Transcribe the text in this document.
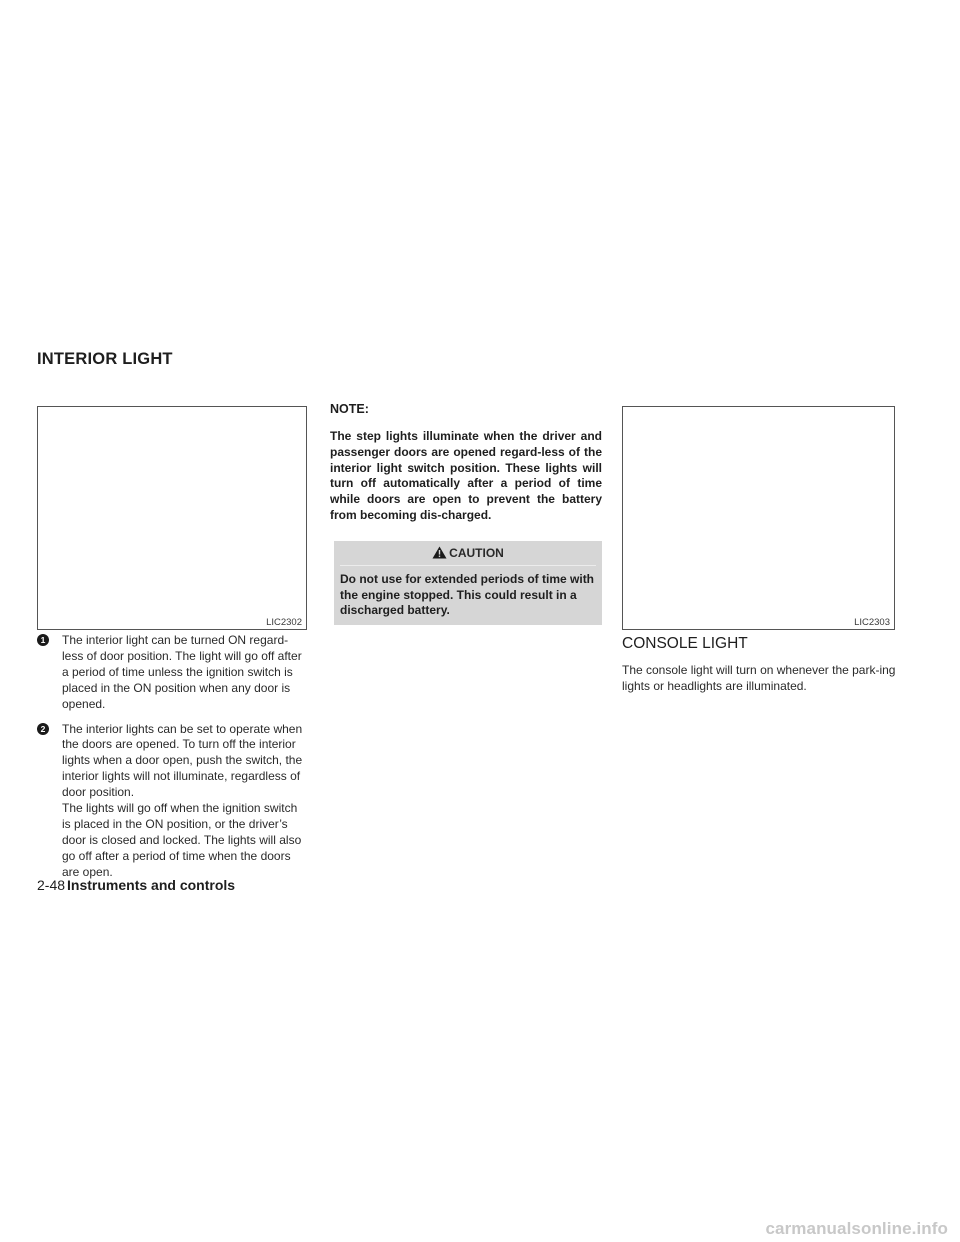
INTERIOR LIGHT
LIC2302
1	The interior light can be turned ON regard-less of door position. The light will go off after a period of time unless the ignition switch is placed in the ON position when any door is opened.

2	The interior lights can be set to operate when the doors are opened. To turn off the interior lights when a door open, push the switch, the interior lights will not illuminate, regardless of door position.

The lights will go off when the ignition switch is placed in the ON position, or the driver’s door is closed and locked. The lights will also go off after a period of time when the doors are open.

NOTE:

The step lights illuminate when the driver and passenger doors are opened regard-less of the interior light switch position. These lights will turn off automatically after a period of time while doors are open to prevent the battery from becoming dis-charged.

CAUTION

Do not use for extended periods of time with the engine stopped. This could result in a discharged battery.

LIC2303
CONSOLE LIGHT

The console light will turn on whenever the park-ing lights or headlights are illuminated.

2-48 Instruments and controls
carmanualsonline.info
